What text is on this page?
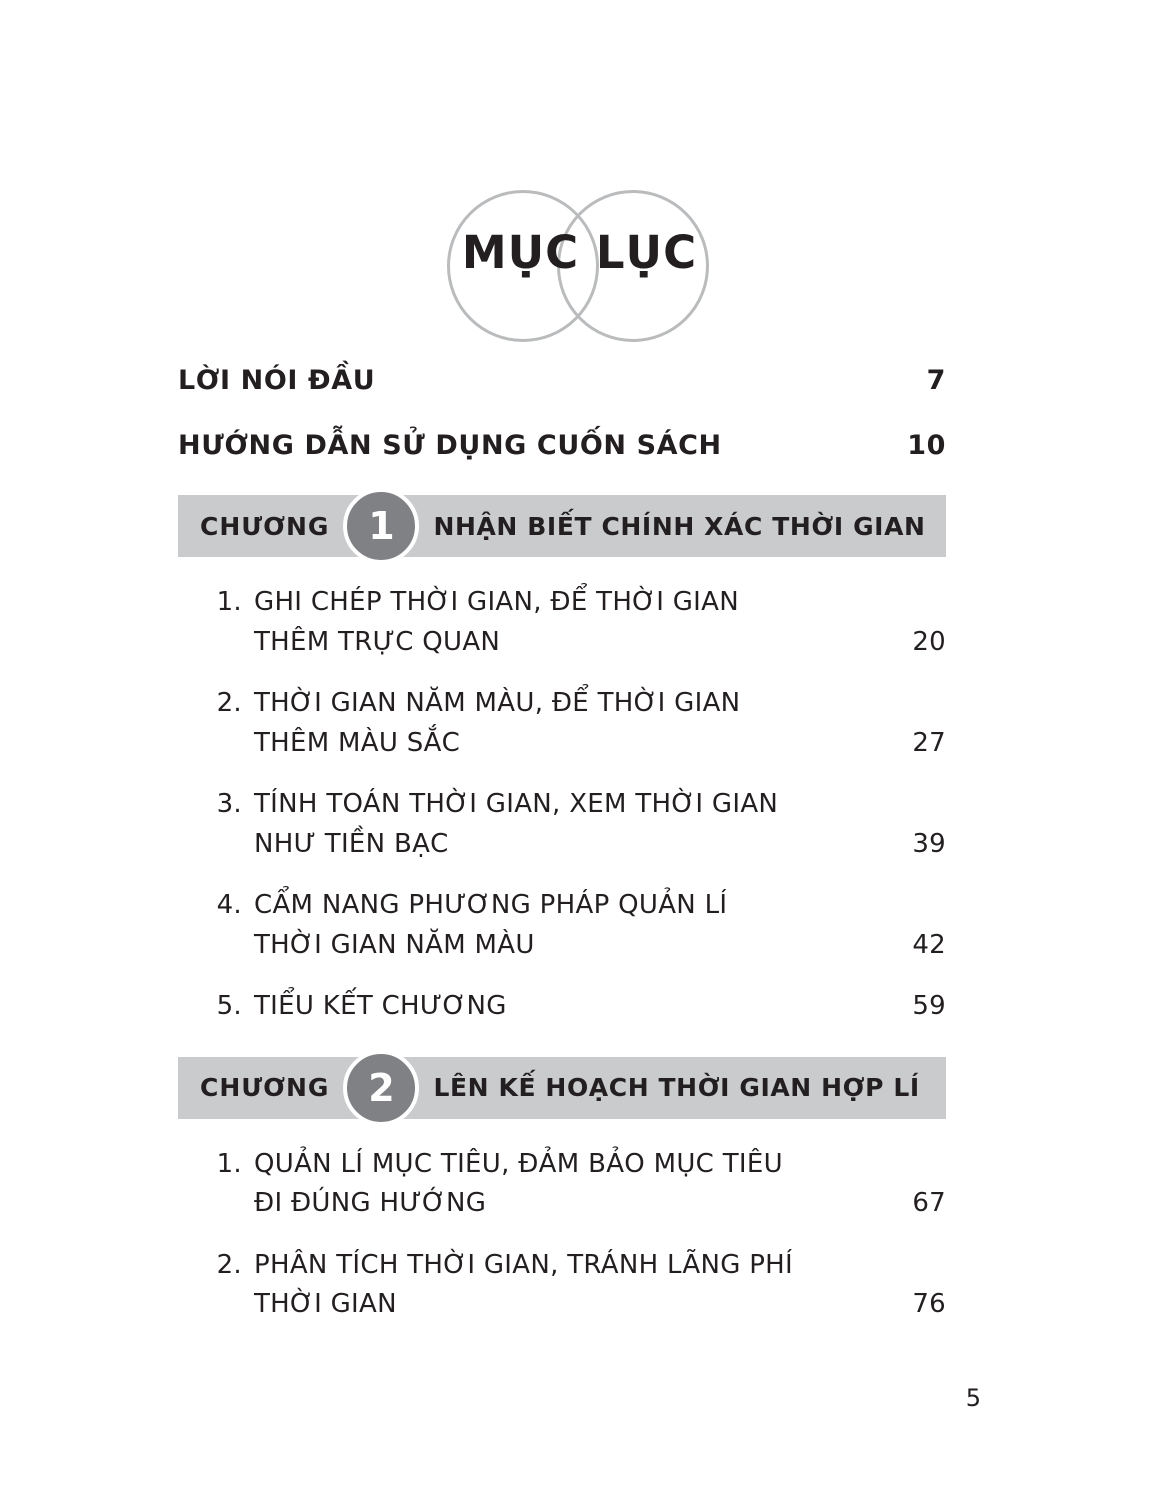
MỤC LỤC
LỜI NÓI ĐẦU	7
HƯỚNG DẪN SỬ DỤNG CUỐN SÁCH	10
CHƯƠNG	1	NHẬN BIẾT CHÍNH XÁC THỜI GIAN
1. GHI CHÉP THỜI GIAN, ĐỂ THỜI GIAN
THÊM TRỰC QUAN	20
2. THỜI GIAN NĂM MÀU, ĐỂ THỜI GIAN
THÊM MÀU SẮC	27
3. TÍNH TOÁN THỜI GIAN, XEM THỜI GIAN
NHƯ TIỀN BẠC	39
4. CẨM NANG PHƯƠNG PHÁP QUẢN LÍ
THỜI GIAN NĂM MÀU	42
5. TIỂU KẾT CHƯƠNG	59
CHƯƠNG	2	LÊN KẾ HOẠCH THỜI GIAN HỢP LÍ
1. QUẢN LÍ MỤC TIÊU, ĐẢM BẢO MỤC TIÊU
ĐI ĐÚNG HƯỚNG	67
2. PHÂN TÍCH THỜI GIAN, TRÁNH LÃNG PHÍ
THỜI GIAN	76
5
